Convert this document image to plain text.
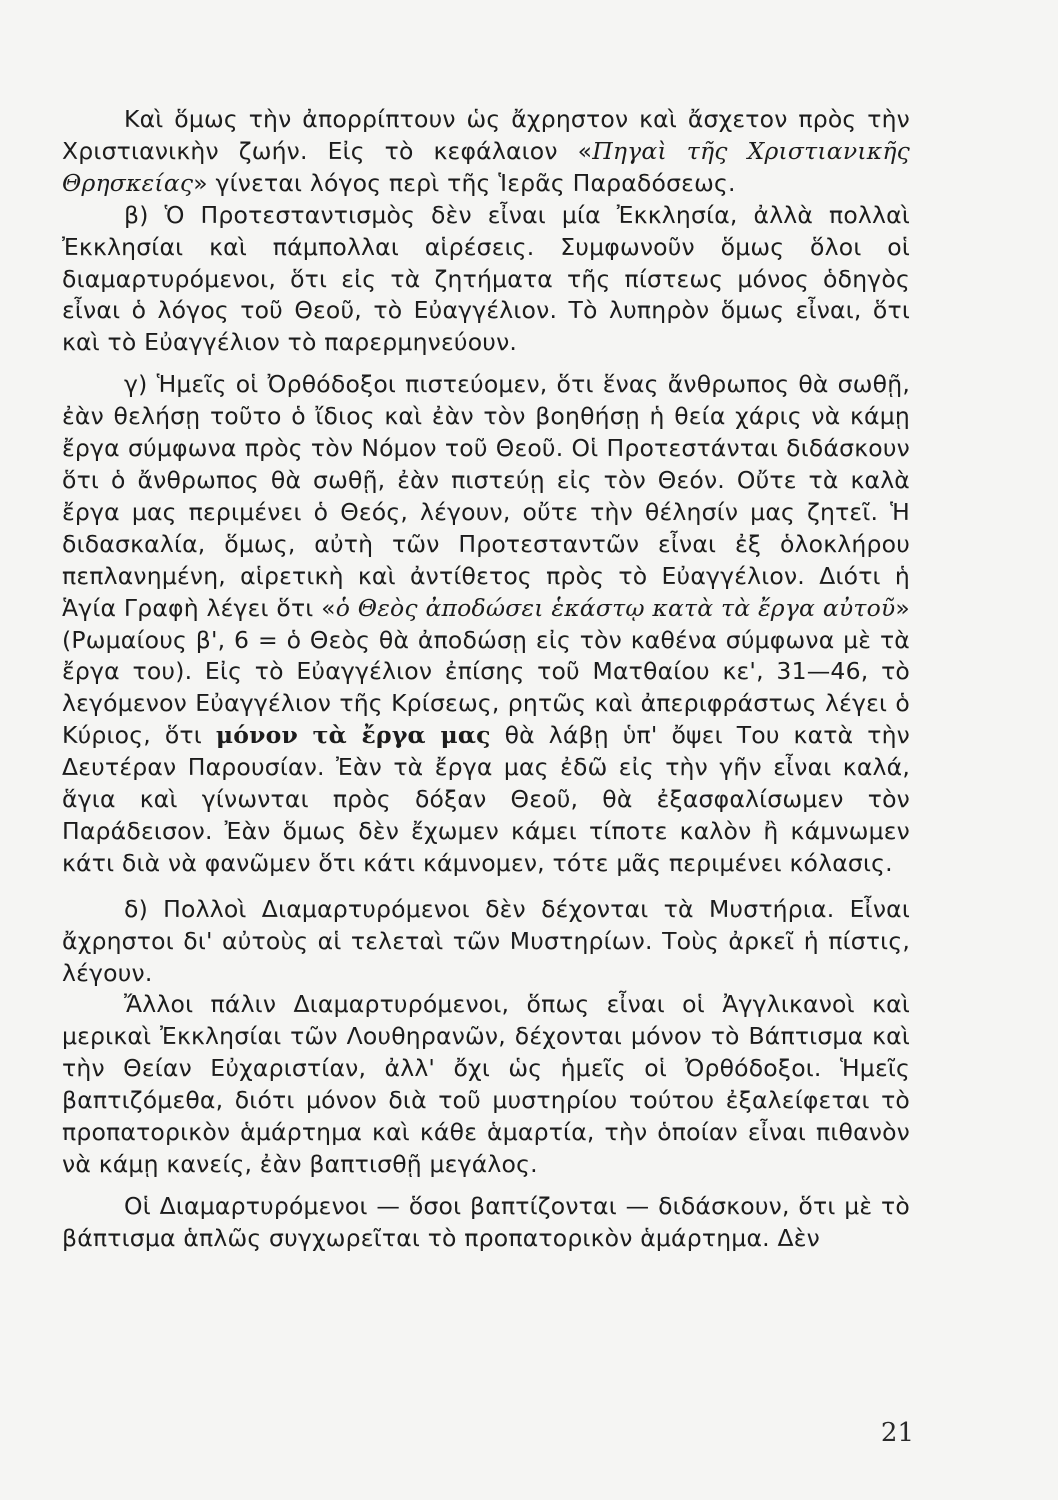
Καὶ ὅμως τὴν ἀπορρίπτουν ὡς ἄχρηστον καὶ ἄσχετον πρὸς τὴν Χριστιανικὴν ζωήν. Εἰς τὸ κεφάλαιον «Πηγαὶ τῆς Χριστιανικῆς Θρησκείας» γίνεται λόγος περὶ τῆς Ἱερᾶς Παραδόσεως.

β) Ὁ Προτεσταντισμὸς δὲν εἶναι μία Ἐκκλησία, ἀλλὰ πολλαὶ Ἐκκλησίαι καὶ πάμπολλαι αἱρέσεις. Συμφωνοῦν ὅμως ὅλοι οἱ διαμαρτυρόμενοι, ὅτι εἰς τὰ ζητήματα τῆς πίστεως μόνος ὁδηγὸς εἶναι ὁ λόγος τοῦ Θεοῦ, τὸ Εὐαγγέλιον. Τὸ λυπηρὸν ὅμως εἶναι, ὅτι καὶ τὸ Εὐαγγέλιον τὸ παρερμηνεύουν.

γ) Ἡμεῖς οἱ Ὀρθόδοξοι πιστεύομεν, ὅτι ἕνας ἄνθρωπος θὰ σωθῇ, ἐὰν θελήσῃ τοῦτο ὁ ἴδιος καὶ ἐὰν τὸν βοηθήσῃ ἡ θεία χάρις νὰ κάμῃ ἔργα σύμφωνα πρὸς τὸν Νόμον τοῦ Θεοῦ. Οἱ Προτεστάνται διδάσκουν ὅτι ὁ ἄνθρωπος θὰ σωθῇ, ἐὰν πιστεύῃ εἰς τὸν Θεόν. Οὔτε τὰ καλὰ ἔργα μας περιμένει ὁ Θεός, λέγουν, οὔτε τὴν θέλησίν μας ζητεῖ. Ἡ διδασκαλία, ὅμως, αὐτὴ τῶν Προτεσταντῶν εἶναι ἐξ ὁλοκλήρου πεπλανημένη, αἱρετικὴ καὶ ἀντίθετος πρὸς τὸ Εὐαγγέλιον. Διότι ἡ Ἁγία Γραφὴ λέγει ὅτι «ὁ Θεὸς ἀποδώσει ἑκάστῳ κατὰ τὰ ἔργα αὐτοῦ» (Ρωμαίους β', 6 = ὁ Θεὸς θὰ ἀποδώσῃ εἰς τὸν καθένα σύμφωνα μὲ τὰ ἔργα του). Εἰς τὸ Εὐαγγέλιον ἐπίσης τοῦ Ματθαίου κε', 31—46, τὸ λεγόμενον Εὐαγγέλιον τῆς Κρίσεως, ρητῶς καὶ ἀπεριφράστως λέγει ὁ Κύριος, ὅτι μόνον τὰ ἔργα μας θὰ λάβῃ ὑπ' ὄψει Του κατὰ τὴν Δευτέραν Παρουσίαν. Ἐὰν τὰ ἔργα μας ἐδῶ εἰς τὴν γῆν εἶναι καλά, ἅγια καὶ γίνωνται πρὸς δόξαν Θεοῦ, θὰ ἐξασφαλίσωμεν τὸν Παράδεισον. Ἐὰν ὅμως δὲν ἔχωμεν κάμει τίποτε καλὸν ἢ κάμνωμεν κάτι διὰ νὰ φανῶμεν ὅτι κάτι κάμνομεν, τότε μᾶς περιμένει κόλασις.

δ) Πολλοὶ Διαμαρτυρόμενοι δὲν δέχονται τὰ Μυστήρια. Εἶναι ἄχρηστοι δι' αὐτοὺς αἱ τελεταὶ τῶν Μυστηρίων. Τοὺς ἀρκεῖ ἡ πίστις, λέγουν.

Ἄλλοι πάλιν Διαμαρτυρόμενοι, ὅπως εἶναι οἱ Ἀγγλικανοὶ καὶ μερικαὶ Ἐκκλησίαι τῶν Λουθηρανῶν, δέχονται μόνον τὸ Βάπτισμα καὶ τὴν Θείαν Εὐχαριστίαν, ἀλλ' ὄχι ὡς ἡμεῖς οἱ Ὀρθόδοξοι. Ἡμεῖς βαπτιζόμεθα, διότι μόνον διὰ τοῦ μυστηρίου τούτου ἐξαλείφεται τὸ προπατορικὸν ἁμάρτημα καὶ κάθε ἁμαρτία, τὴν ὁποίαν εἶναι πιθανὸν νὰ κάμῃ κανείς, ἐὰν βαπτισθῇ μεγάλος.

Οἱ Διαμαρτυρόμενοι — ὅσοι βαπτίζονται — διδάσκουν, ὅτι μὲ τὸ βάπτισμα ἁπλῶς συγχωρεῖται τὸ προπατορικὸν ἁμάρτημα. Δὲν

21
